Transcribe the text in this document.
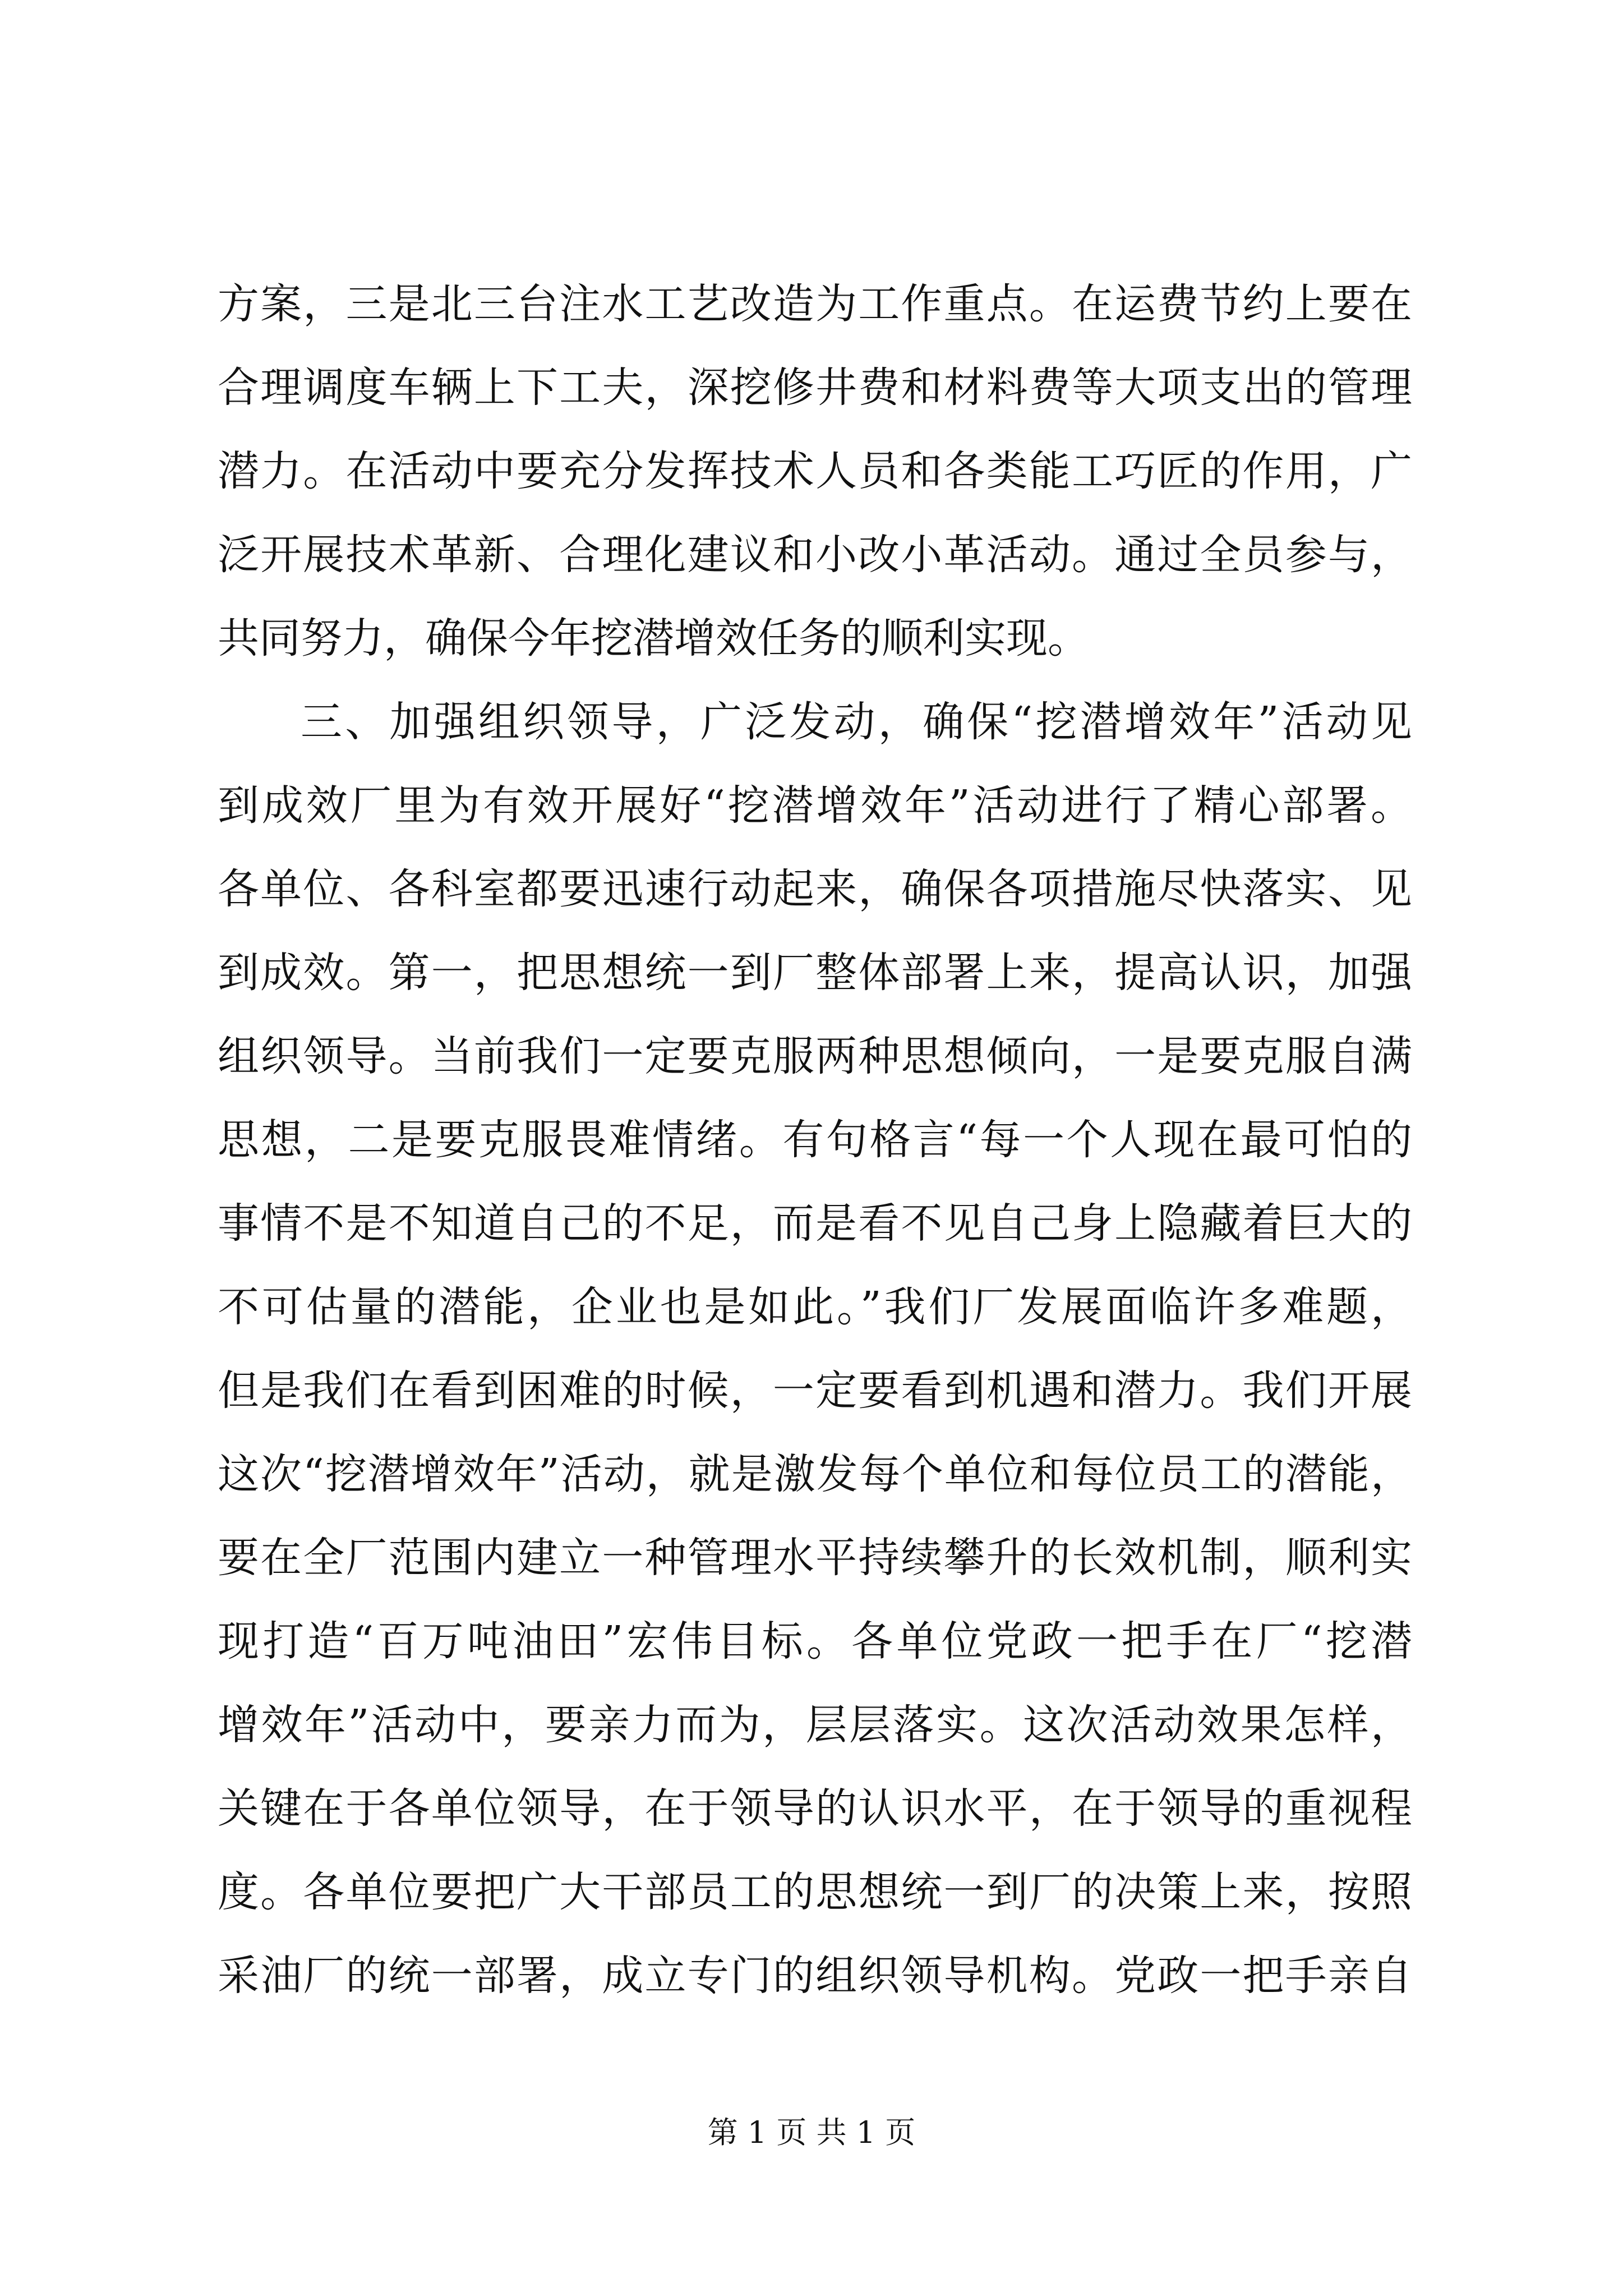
方案，三是北三台注水工艺改造为工作重点。在运费节约上要在
合理调度车辆上下工夫，深挖修井费和材料费等大项支出的管理
潜力。在活动中要充分发挥技术人员和各类能工巧匠的作用，广
泛开展技术革新、合理化建议和小改小革活动。通过全员参与，
共同努力，确保今年挖潜增效任务的顺利实现。
三、加强组织领导，广泛发动，确保“挖潜增效年”活动见
到成效厂里为有效开展好“挖潜增效年”活动进行了精心部署。
各单位、各科室都要迅速行动起来，确保各项措施尽快落实、见
到成效。第一，把思想统一到厂整体部署上来，提高认识，加强
组织领导。当前我们一定要克服两种思想倾向，一是要克服自满
思想，二是要克服畏难情绪。有句格言“每一个人现在最可怕的
事情不是不知道自己的不足，而是看不见自己身上隐藏着巨大的
不可估量的潜能，企业也是如此。”我们厂发展面临许多难题，
但是我们在看到困难的时候，一定要看到机遇和潜力。我们开展
这次“挖潜增效年”活动，就是激发每个单位和每位员工的潜能，
要在全厂范围内建立一种管理水平持续攀升的长效机制，顺利实
现打造“百万吨油田”宏伟目标。各单位党政一把手在厂“挖潜
增效年”活动中，要亲力而为，层层落实。这次活动效果怎样，
关键在于各单位领导，在于领导的认识水平，在于领导的重视程
度。各单位要把广大干部员工的思想统一到厂的决策上来，按照
采油厂的统一部署，成立专门的组织领导机构。党政一把手亲自
第 1 页 共 1 页
